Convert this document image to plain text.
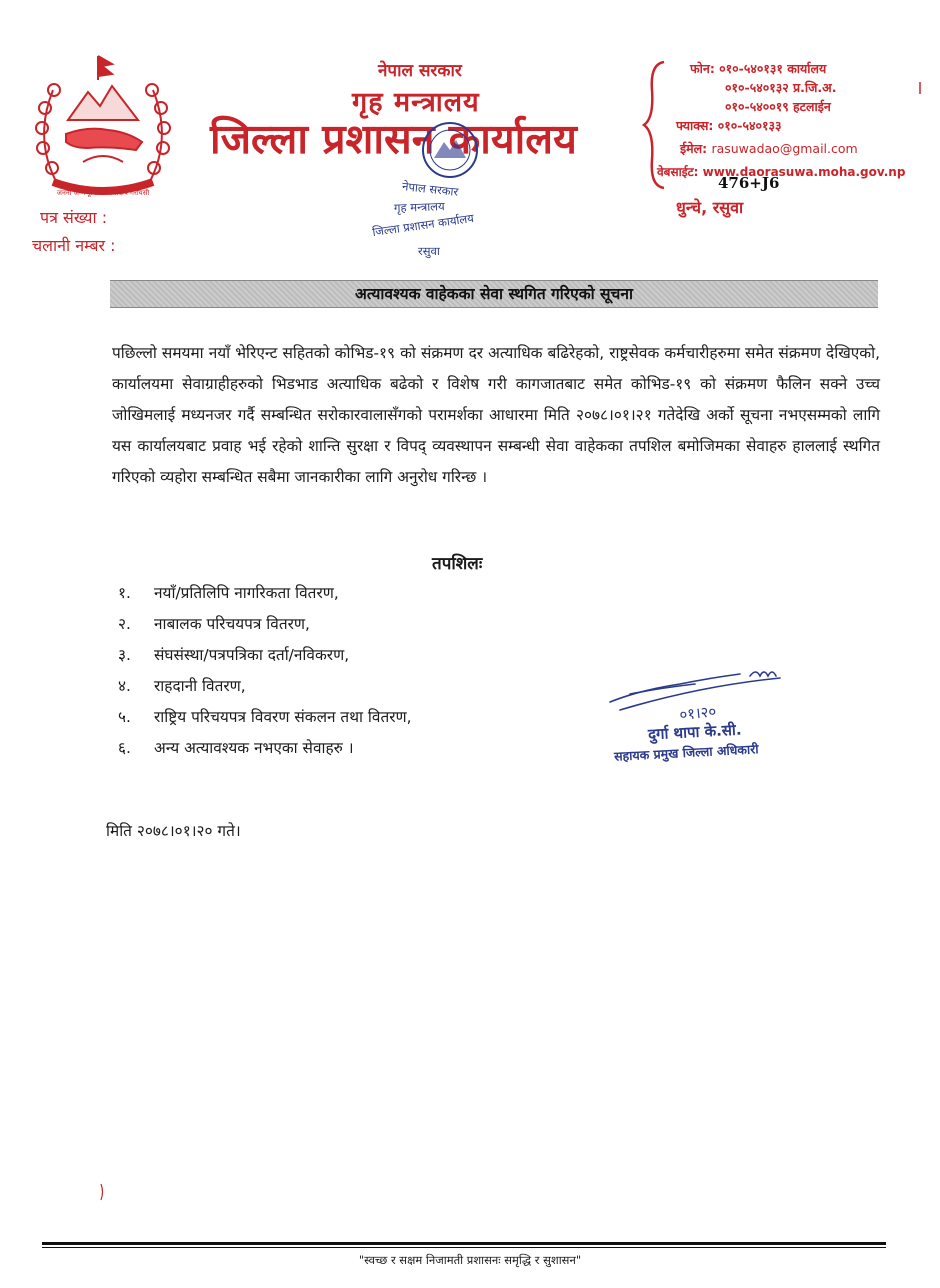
जननी जन्मभूमिश्च स्वर्गादपि गरीयसी
नेपाल सरकार
गृह मन्त्रालय
जिल्ला प्रशासन कार्यालय
पत्र संख्या :
चलानी नम्बर :
फोन: ०१०-५४०१३१ कार्यालय
०१०-५४०१३२ प्र.जि.अ.
०१०-५४००१९ हटलाईन
फ्याक्स: ०१०-५४०१३३
ईमेल: rasuwadao@gmail.com
वेबसाईट: www.daorasuwa.moha.gov.np
476+J6
धुन्चे, रसुवा
नेपाल सरकार
गृह मन्त्रालय
जिल्ला प्रशासन कार्यालय
रसुवा
अत्यावश्यक वाहेकका सेवा स्थगित गरिएको सूचना
पछिल्लो समयमा नयाँ भेरिएन्ट सहितको कोभिड-१९ को संक्रमण दर अत्याधिक बढिरेहको, राष्ट्रसेवक कर्मचारीहरुमा समेत संक्रमण देखिएको, कार्यालयमा सेवाग्राहीहरुको भिडभाड अत्याधिक बढेको र विशेष गरी कागजातबाट समेत कोभिड-१९ को संक्रमण फैलिन सक्ने उच्च जोखिमलाई मध्यनजर गर्दै सम्बन्धित सरोकारवालासँगको परामर्शका आधारमा मिति २०७८।०१।२१ गतेदेखि अर्को सूचना नभएसम्मको लागि यस कार्यालयबाट प्रवाह भई रहेको शान्ति सुरक्षा र विपद् व्यवस्थापन सम्बन्धी सेवा वाहेकका तपशिल बमोजिमका सेवाहरु हाललाई स्थगित गरिएको व्यहोरा सम्बन्धित सबैमा जानकारीका लागि अनुरोध गरिन्छ ।
तपशिलः
१.	नयाँ/प्रतिलिपि नागरिकता वितरण,
२.	नाबालक परिचयपत्र वितरण,
३.	संघसंस्था/पत्रपत्रिका दर्ता/नविकरण,
४.	राहदानी वितरण,
५.	राष्ट्रिय परिचयपत्र विवरण संकलन तथा वितरण,
६.	अन्य अत्यावश्यक नभएका सेवाहरु ।
०१।२०
दुर्गा थापा के.सी.
सहायक प्रमुख जिल्ला अधिकारी
मिति २०७८।०१।२० गते।
"स्वच्छ र सक्षम निजामती प्रशासनः समृद्धि र सुशासन"
